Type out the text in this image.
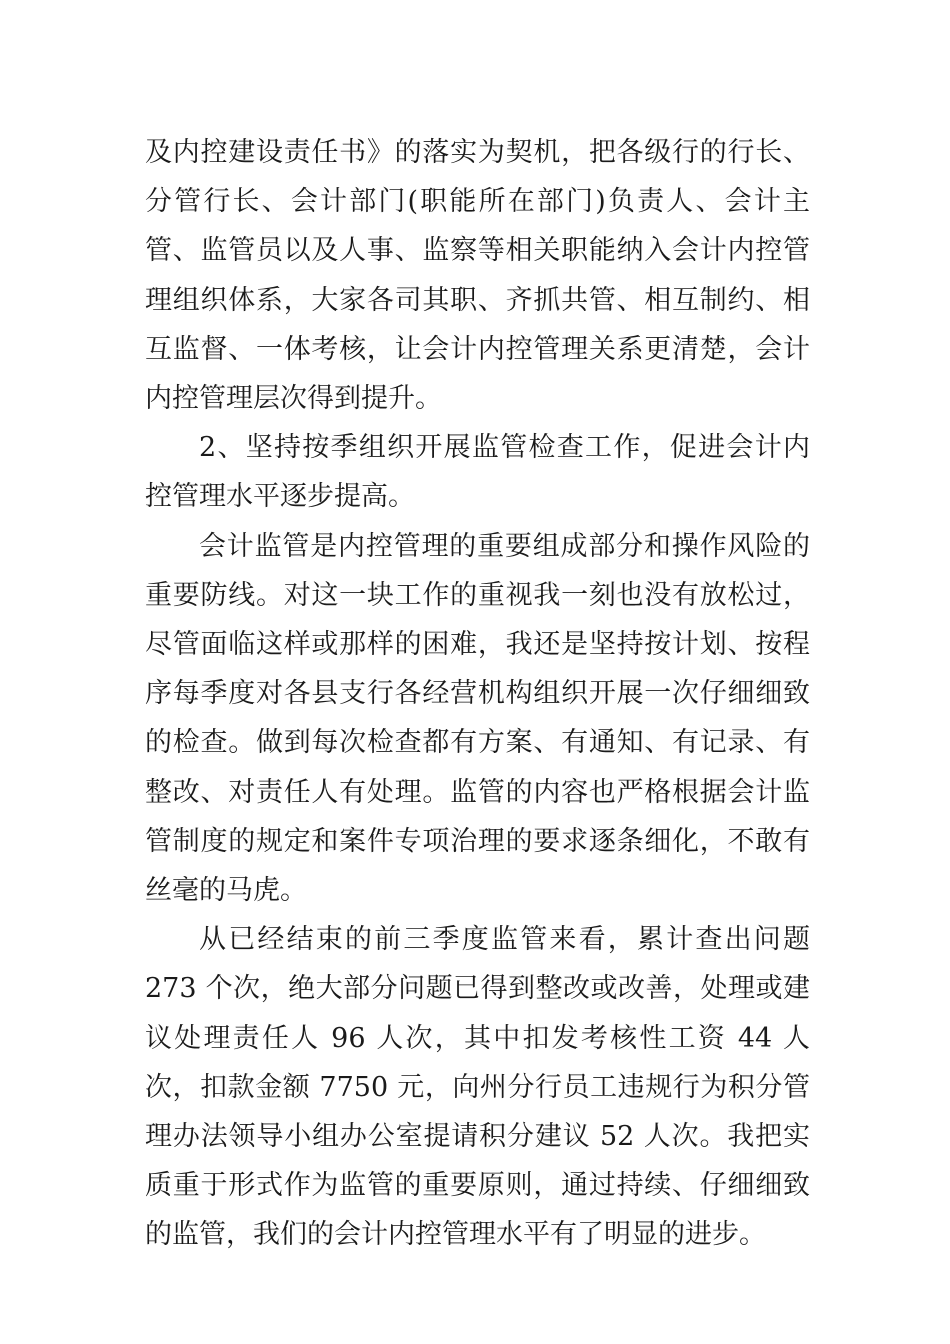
及内控建设责任书》的落实为契机，把各级行的行长、分管行长、会计部门(职能所在部门)负责人、会计主管、监管员以及人事、监察等相关职能纳入会计内控管理组织体系，大家各司其职、齐抓共管、相互制约、相互监督、一体考核，让会计内控管理关系更清楚，会计内控管理层次得到提升。

2、坚持按季组织开展监管检查工作，促进会计内控管理水平逐步提高。

会计监管是内控管理的重要组成部分和操作风险的重要防线。对这一块工作的重视我一刻也没有放松过，尽管面临这样或那样的困难，我还是坚持按计划、按程序每季度对各县支行各经营机构组织开展一次仔细细致的检查。做到每次检查都有方案、有通知、有记录、有整改、对责任人有处理。监管的内容也严格根据会计监管制度的规定和案件专项治理的要求逐条细化，不敢有丝毫的马虎。

从已经结束的前三季度监管来看，累计查出问题 273 个次，绝大部分问题已得到整改或改善，处理或建议处理责任人 96 人次，其中扣发考核性工资 44 人次，扣款金额 7750 元，向州分行员工违规行为积分管理办法领导小组办公室提请积分建议 52 人次。我把实质重于形式作为监管的重要原则，通过持续、仔细细致的监管，我们的会计内控管理水平有了明显的进步。
